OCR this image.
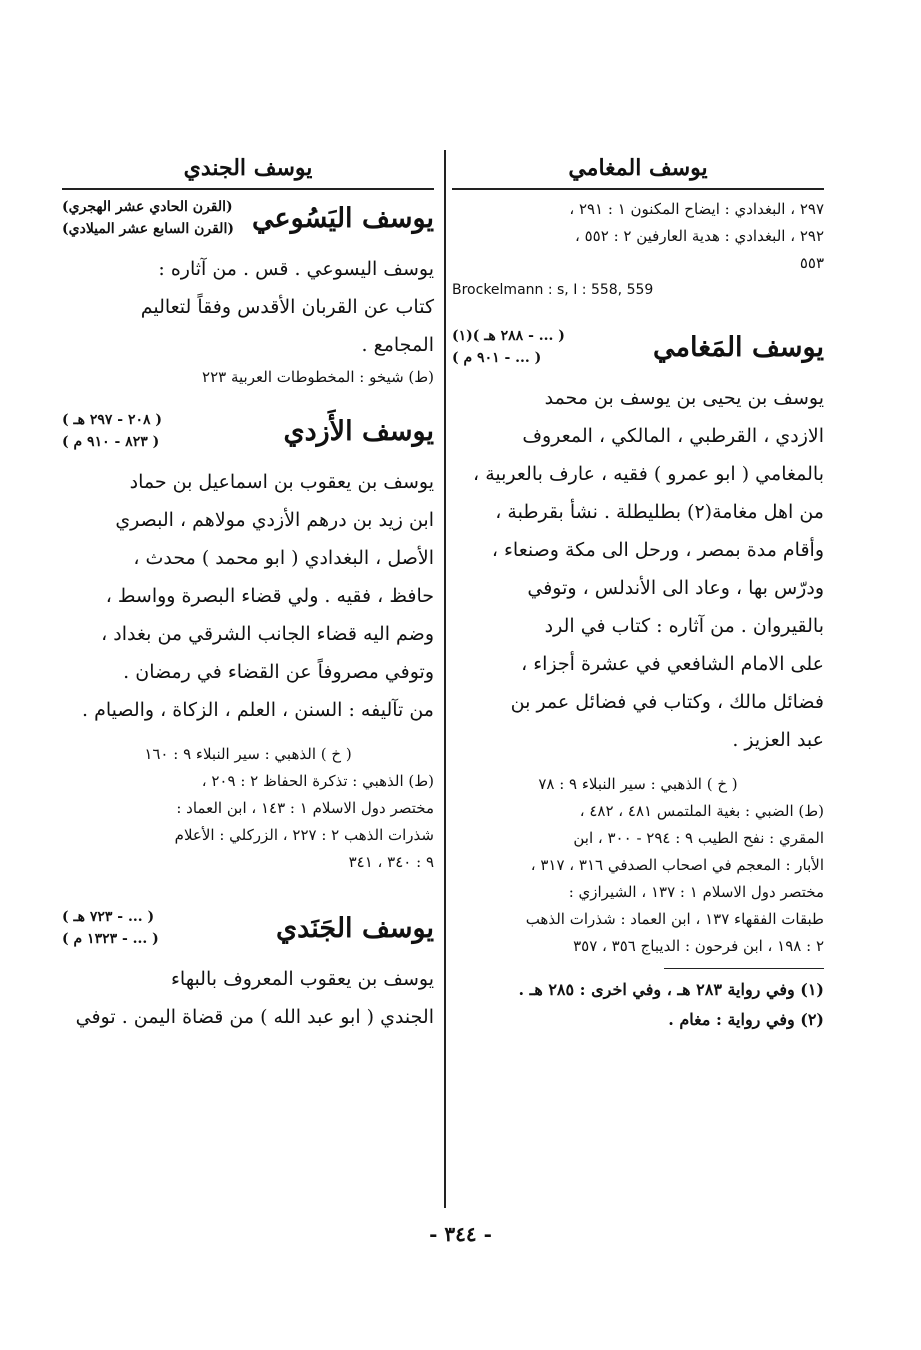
يوسف المغامي

٢٩٧ ، البغدادي : ايضاح المكنون ١ : ٢٩١ ،

٢٩٢ ، البغدادي : هدية العارفين ٢ : ٥٥٢ ،

٥٥٣

Brockelmann : s, I : 558, 559

يوسف المَغامي
( ... - ٢٨٨ هـ )(١)
( ... - ٩٠١ م )

يوسف بن يحيى بن يوسف بن محمد

الازدي ، القرطبي ، المالكي ، المعروف

بالمغامي ( ابو عمرو ) فقيه ، عارف بالعربية ،

من اهل مغامة(٢) بطليطلة . نشأ بقرطبة ،

وأقام مدة بمصر ، ورحل الى مكة وصنعاء ،

ودرّس بها ، وعاد الى الأندلس ، وتوفي

بالقيروان . من آثاره : كتاب في الرد

على الامام الشافعي في عشرة أجزاء ،

فضائل مالك ، وكتاب في فضائل عمر بن

عبد العزيز .

( خ ) الذهبي : سير النبلاء ٩ : ٧٨

(ط) الضبي : بغية الملتمس ٤٨١ ، ٤٨٢ ،

المقري : نفح الطيب ٩ : ٢٩٤ - ٣٠٠ ، ابن

الأبار : المعجم في اصحاب الصدفي ٣١٦ ، ٣١٧ ،

مختصر دول الاسلام ١ : ١٣٧ ، الشيرازي :

طبقات الفقهاء ١٣٧ ، ابن العماد : شذرات الذهب

٢ : ١٩٨ ، ابن فرحون : الديباج ٣٥٦ ، ٣٥٧

(١) وفي رواية ٢٨٣ هـ ، وفي اخرى : ٢٨٥ هـ .

(٢) وفي رواية : مغام .

يوسف الجندي
يوسف اليَسُوعي
(القرن الحادي عشر الهجري)
(القرن السابع عشر الميلادي)

يوسف اليسوعي . قس . من آثاره :

كتاب عن القربان الأقدس وفقاً لتعاليم

المجامع .

(ط) شيخو : المخطوطات العربية ٢٢٣

يوسف الأَزدي
( ٢٠٨ - ٢٩٧ هـ )
( ٨٢٣ - ٩١٠ م )

يوسف بن يعقوب بن اسماعيل بن حماد

ابن زيد بن درهم الأزدي مولاهم ، البصري

الأصل ، البغدادي ( ابو محمد ) محدث ،

حافظ ، فقيه . ولي قضاء البصرة وواسط ،

وضم اليه قضاء الجانب الشرقي من بغداد ،

وتوفي مصروفاً عن القضاء في رمضان .

من تآليفه : السنن ، العلم ، الزكاة ، والصيام .

( خ ) الذهبي : سير النبلاء ٩ : ١٦٠

(ط) الذهبي : تذكرة الحفاظ ٢ : ٢٠٩ ،

مختصر دول الاسلام ١ : ١٤٣ ، ابن العماد :

شذرات الذهب ٢ : ٢٢٧ ، الزركلي : الأعلام

٩ : ٣٤٠ ، ٣٤١

يوسف الجَنَدي
( ... - ٧٢٣ هـ )
( ... - ١٣٢٣ م )

يوسف بن يعقوب المعروف بالبهاء

الجندي ( ابو عبد الله ) من قضاة اليمن . توفي

- ٣٤٤ -
